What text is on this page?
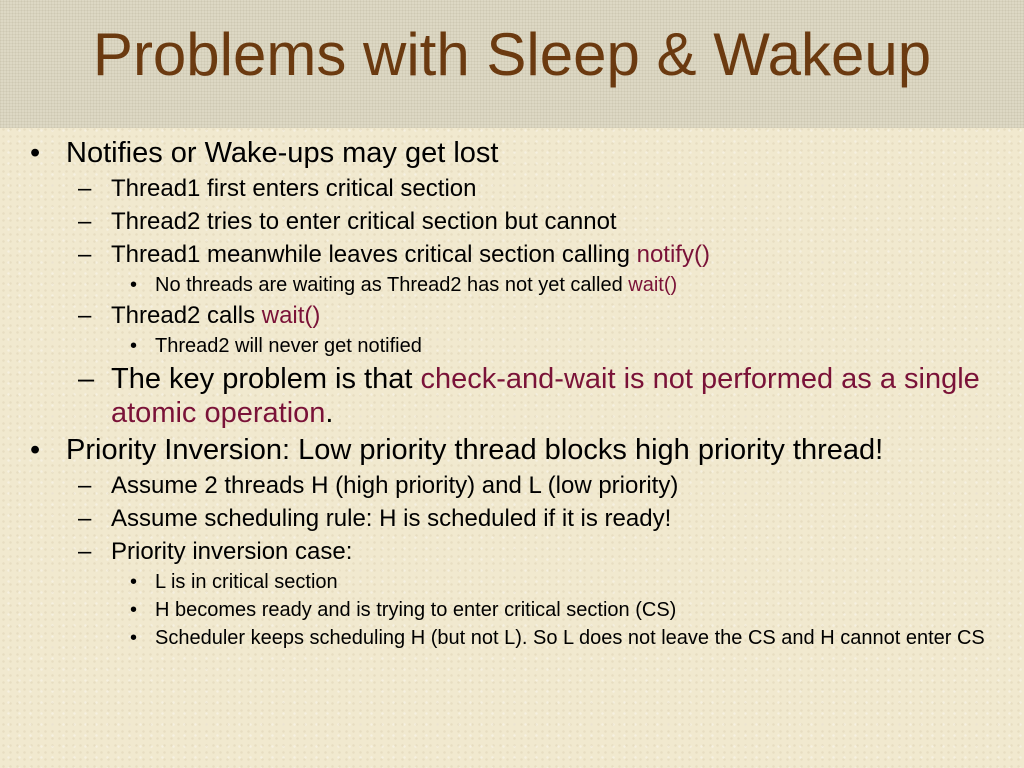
Problems with Sleep & Wakeup
• Notifies or Wake-ups may get lost
– Thread1 first enters critical section
– Thread2 tries to enter critical section but cannot
– Thread1 meanwhile leaves critical section calling notify()
• No threads are waiting as Thread2 has not yet called wait()
– Thread2 calls wait()
• Thread2 will never get notified
– The key problem is that check-and-wait is not performed as a single atomic operation.
• Priority Inversion: Low priority thread blocks high priority thread!
– Assume 2 threads H (high priority) and L (low priority)
– Assume scheduling rule: H is scheduled if it is ready!
– Priority inversion case:
• L is in critical section
• H becomes ready and is trying to enter critical section (CS)
• Scheduler keeps scheduling H (but not L). So L does not leave the CS and H cannot enter CS
